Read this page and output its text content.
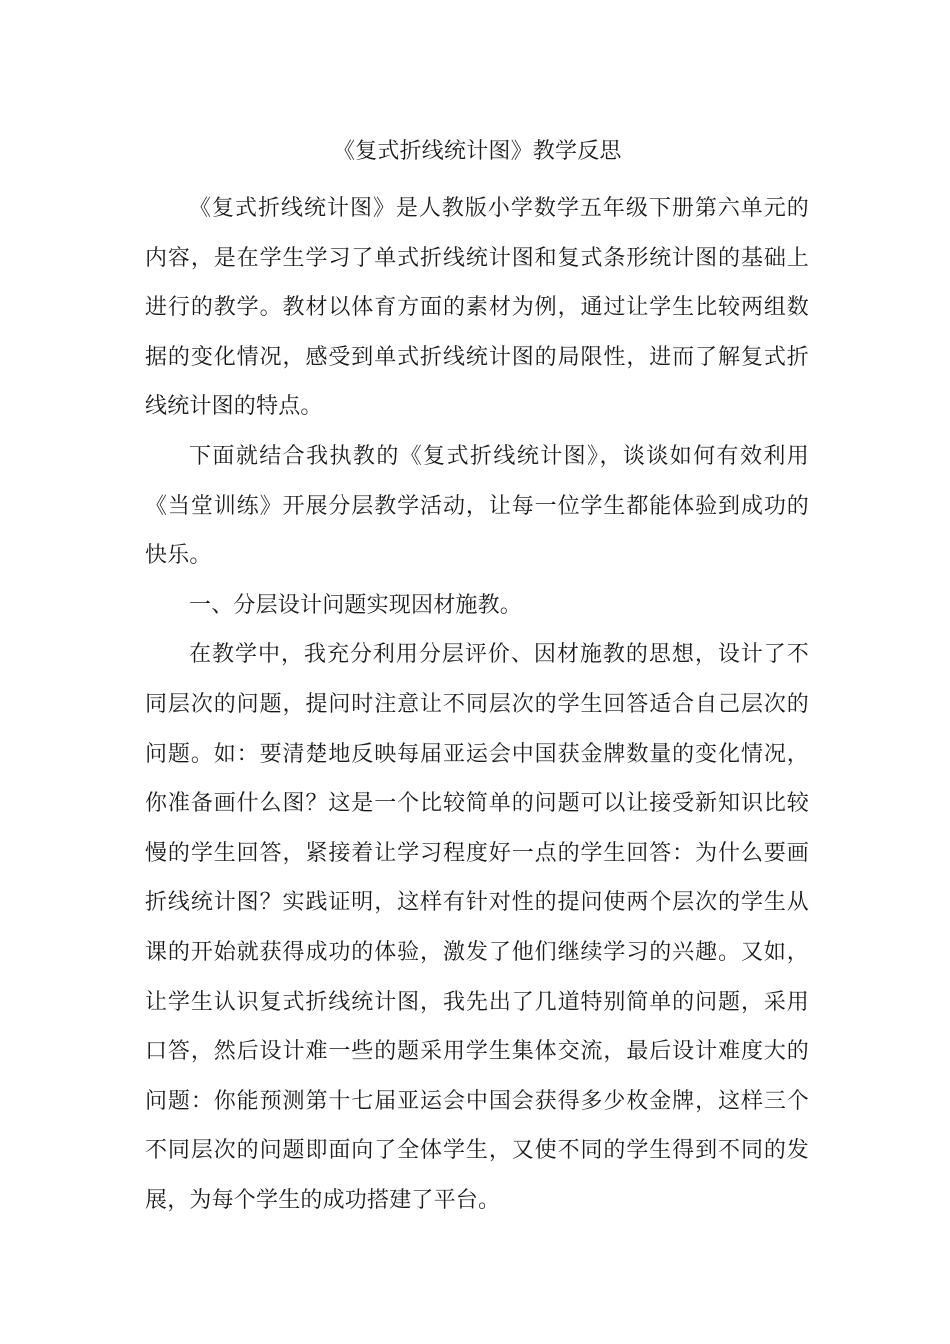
《复式折线统计图》教学反思

《复式折线统计图》是人教版小学数学五年级下册第六单元的内容，是在学生学习了单式折线统计图和复式条形统计图的基础上进行的教学。教材以体育方面的素材为例，通过让学生比较两组数据的变化情况，感受到单式折线统计图的局限性，进而了解复式折线统计图的特点。

下面就结合我执教的《复式折线统计图》，谈谈如何有效利用《当堂训练》开展分层教学活动，让每一位学生都能体验到成功的快乐。

一、分层设计问题实现因材施教。

在教学中，我充分利用分层评价、因材施教的思想，设计了不同层次的问题，提问时注意让不同层次的学生回答适合自己层次的问题。如：要清楚地反映每届亚运会中国获金牌数量的变化情况，你准备画什么图？这是一个比较简单的问题可以让接受新知识比较慢的学生回答，紧接着让学习程度好一点的学生回答：为什么要画折线统计图？实践证明，这样有针对性的提问使两个层次的学生从课的开始就获得成功的体验，激发了他们继续学习的兴趣。又如，让学生认识复式折线统计图，我先出了几道特别简单的问题，采用口答，然后设计难一些的题采用学生集体交流，最后设计难度大的问题：你能预测第十七届亚运会中国会获得多少枚金牌，这样三个不同层次的问题即面向了全体学生，又使不同的学生得到不同的发展，为每个学生的成功搭建了平台。
